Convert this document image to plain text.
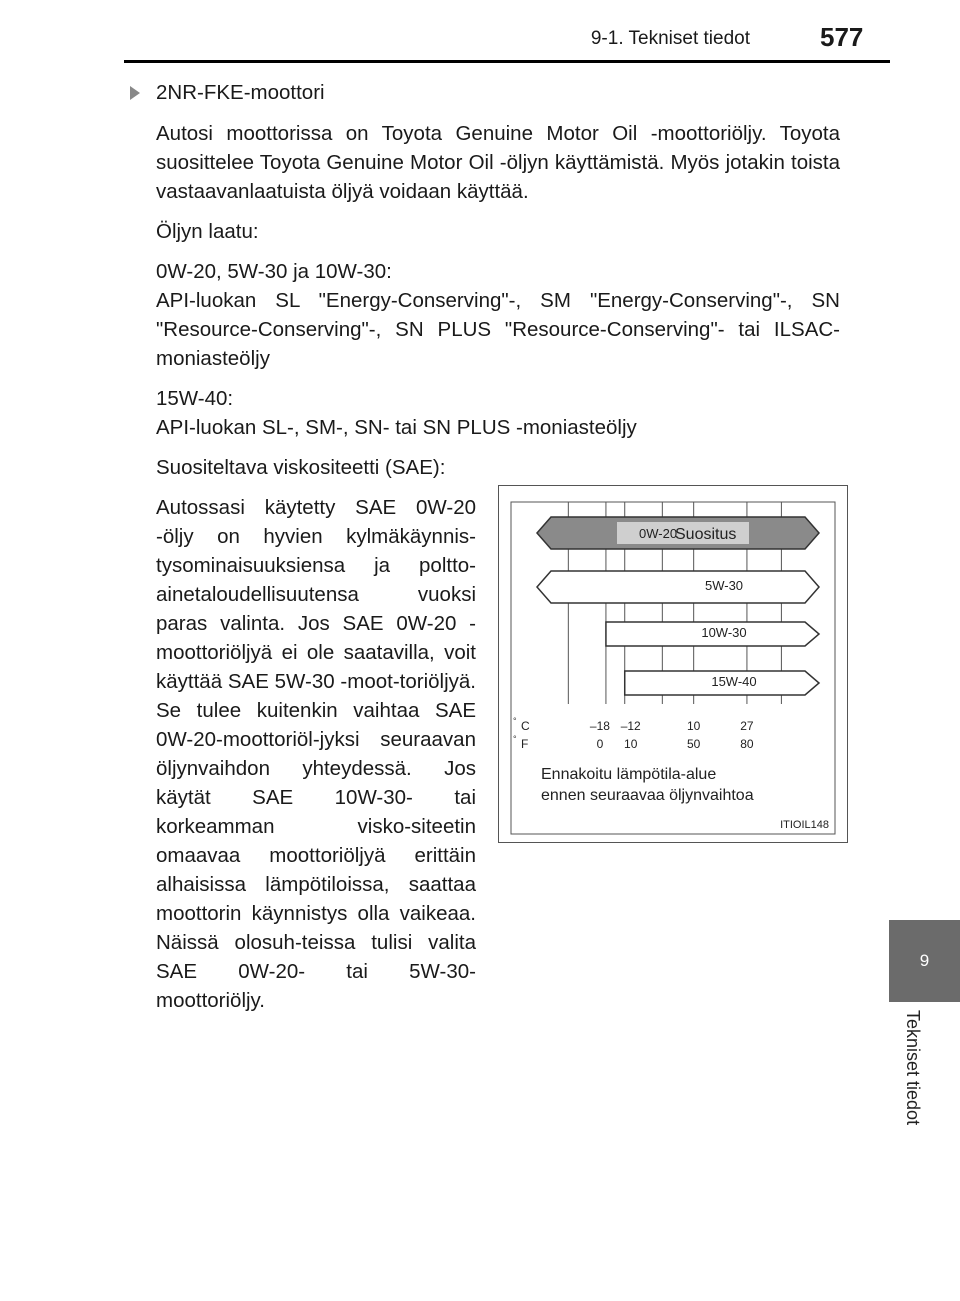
9-1. Tekniset tiedot	577
9
Tekniset tiedot
2NR-FKE-moottori

Autosi moottorissa on Toyota Genuine Motor Oil -moottoriöljy. Toyota suosittelee Toyota Genuine Motor Oil -öljyn käyttämistä. Myös jotakin toista vastaavanlaatuista öljyä voidaan käyttää.

Öljyn laatu:

0W-20, 5W-30 ja 10W-30:
API-luokan SL "Energy-Conserving"-, SM "Energy-Conserving"-, SN "Resource-Conserving"-, SN PLUS "Resource-Conserving"- tai ILSAC-moniasteöljy

15W-40:
API-luokan SL-, SM-, SN- tai SN PLUS -moniasteöljy

Suositeltava viskositeetti (SAE):

Autossasi käytetty SAE 0W-20 -öljy on hyvien kylmäkäynnis-tysominaisuuksiensa ja poltto-ainetaloudellisuutensa vuoksi paras valinta. Jos SAE 0W-20 -moottoriöljyä ei ole saatavilla, voit käyttää SAE 5W-30 -moot-toriöljyä. Se tulee kuitenkin vaihtaa SAE 0W-20-moottoriöl-jyksi seuraavan öljynvaihdon yhteydessä. Jos käytät SAE 10W-30- tai korkeamman visko-siteetin omaavaa moottoriöljyä erittäin alhaisissa lämpötiloissa, saattaa moottorin käynnistys olla vaikeaa. Näissä olosuh-teissa tulisi valita SAE 0W-20- tai 5W-30-moottoriöljy.
0W-20
Suositus
5W-30
10W-30
15W-40
° C	–18 –12	10	27
° F	0 10	50	80
Ennakoitu lämpötila-alue
ennen seuraavaa öljynvaihtoa
ITIOIL148
